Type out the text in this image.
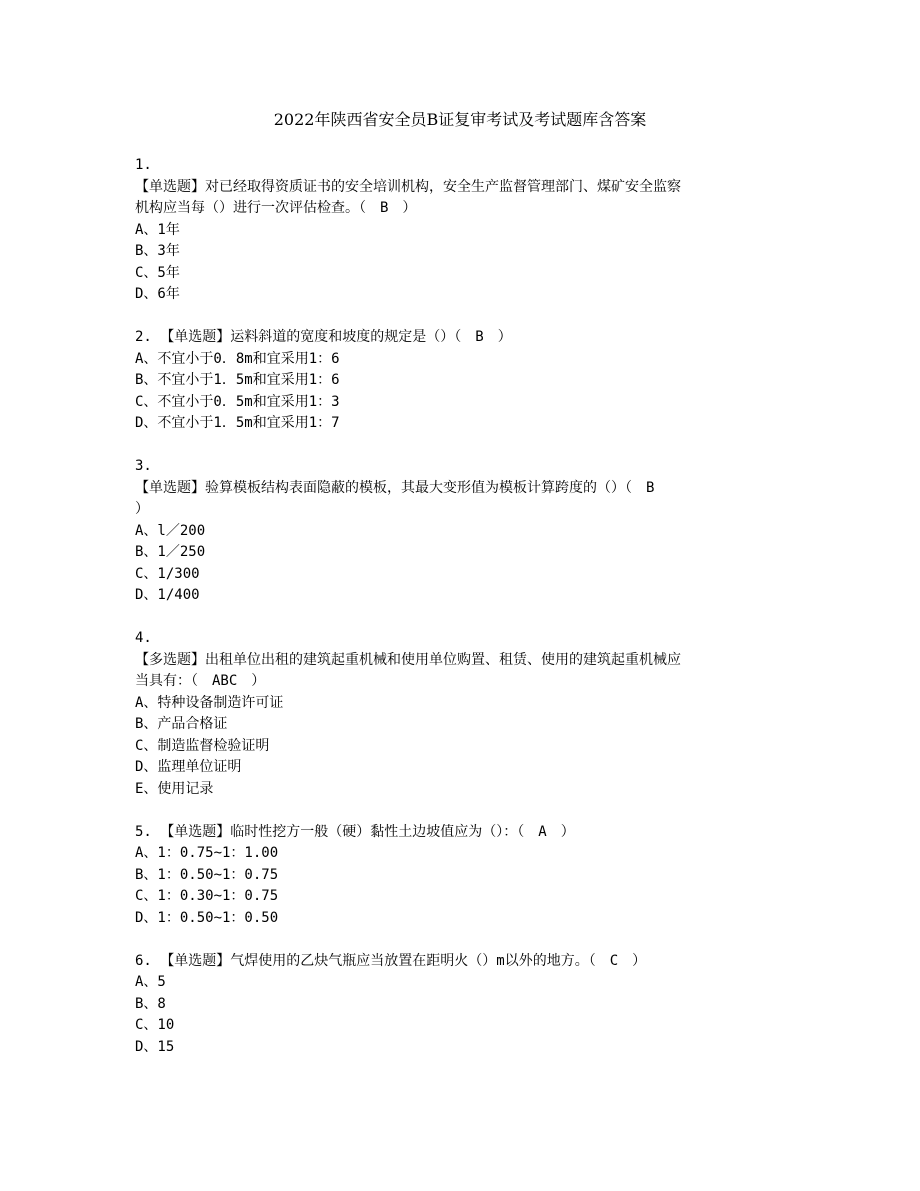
2022年陕西省安全员B证复审考试及考试题库含答案
1.
【单选题】对已经取得资质证书的安全培训机构，安全生产监督管理部门、煤矿安全监察
机构应当每（）进行一次评估检查。（　B　）
A、1年
B、3年
C、5年
D、6年
2. 【单选题】运料斜道的宽度和坡度的规定是（）（　B　）
A、不宜小于0．8m和宜采用1：6
B、不宜小于1．5m和宜采用1：6
C、不宜小于0．5m和宜采用1：3
D、不宜小于1．5m和宜采用1：7
3.
【单选题】验算模板结构表面隐蔽的模板，其最大变形值为模板计算跨度的（）（　B
）
A、l／200
B、1／250
C、1/300
D、1/400
4.
【多选题】出租单位出租的建筑起重机械和使用单位购置、租赁、使用的建筑起重机械应
当具有：（　ABC　）
A、特种设备制造许可证
B、产品合格证
C、制造监督检验证明
D、监理单位证明
E、使用记录
5. 【单选题】临时性挖方一般（硬）黏性土边坡值应为（）：（　A　）
A、1：0.75~1：1.00
B、1：0.50~1：0.75
C、1：0.30~1：0.75
D、1：0.50~1：0.50
6. 【单选题】气焊使用的乙炔气瓶应当放置在距明火（）m以外的地方。（　C　）
A、5
B、8
C、10
D、15
